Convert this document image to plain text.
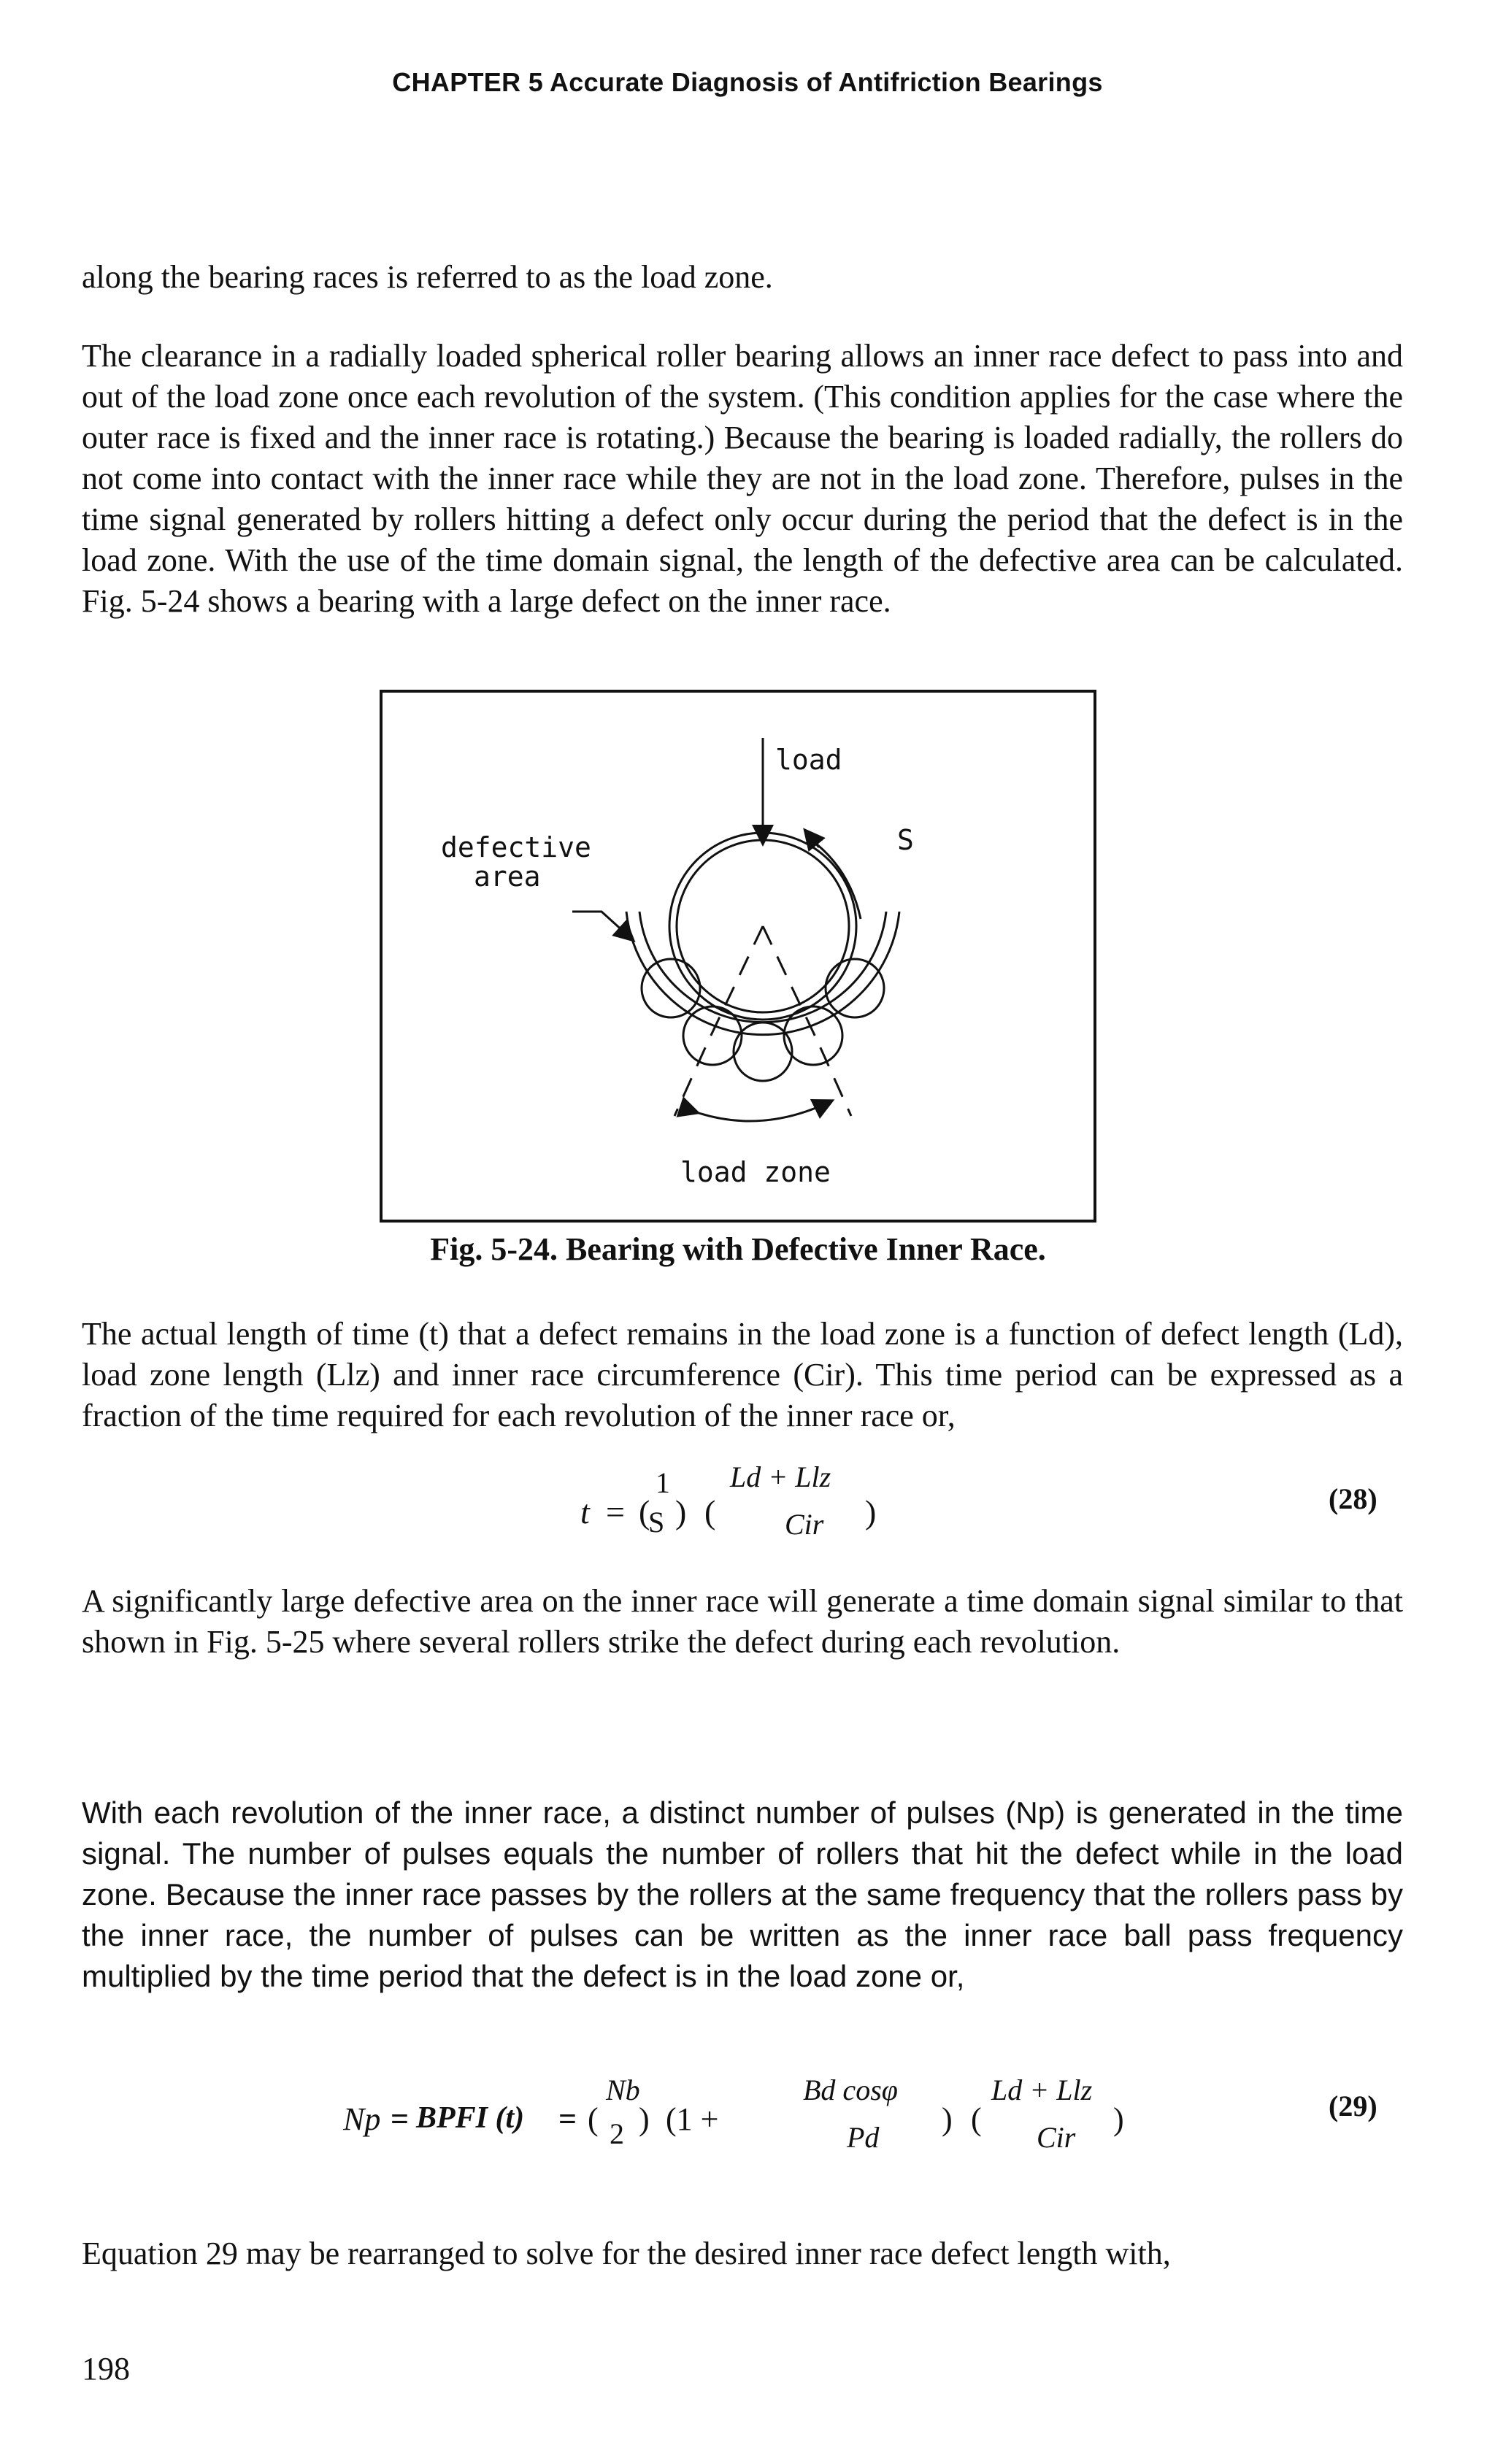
CHAPTER 5 Accurate Diagnosis of Antifriction Bearings

along the bearing races is referred to as the load zone.

The clearance in a radially loaded spherical roller bearing allows an inner race defect to pass into and out of the load zone once each revolution of the system. (This condition applies for the case where the outer race is fixed and the inner race is rotating.) Because the bearing is loaded radially, the rollers do not come into contact with the inner race while they are not in the load zone. Therefore, pulses in the time signal generated by rollers hitting a defect only occur during the period that the defect is in the load zone. With the use of the time domain signal, the length of the defective area can be calculated. Fig. 5-24 shows a bearing with a large defect on the inner race.

load
defective
area
S
load zone
Fig. 5-24. Bearing with Defective Inner Race.

The actual length of time (t) that a defect remains in the load zone is a function of defect length (Ld), load zone length (Llz) and inner race circumference (Cir). This time period can be expressed as a fraction of the time required for each revolution of the inner race or,

t = (
1
S ) (
Ld + Llz
Cir )	(28)

A significantly large defective area on the inner race will generate a time domain signal similar to that shown in Fig. 5-25 where several rollers strike the defect during each revolution.

With each revolution of the inner race, a distinct number of pulses (Np) is generated in the time signal. The number of pulses equals the number of rollers that hit the defect while in the load zone. Because the inner race passes by the rollers at the same frequency that the rollers pass by the inner race, the number of pulses can be written as the inner race ball pass frequency multiplied by the time period that the defect is in the load zone or,

Np = BPFI (t) = (
Nb
2 ) (1 +
Bd cosφ
Pd
) (
Ld + Llz
Cir
)	(29)

Equation 29 may be rearranged to solve for the desired inner race defect length with,

198
